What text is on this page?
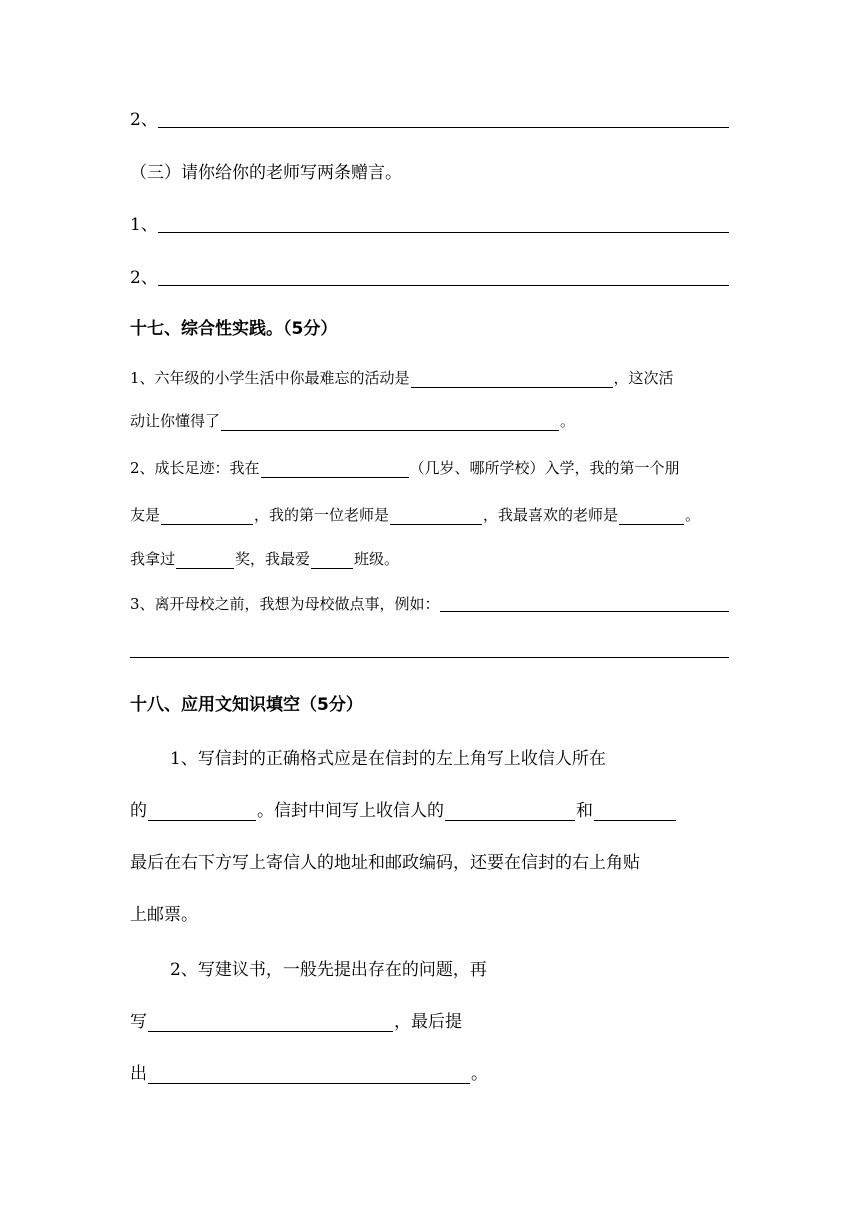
2、
（三）请你给你的老师写两条赠言。
1、
2、
十七、综合性实践。（5分）
1、六年级的小学生活中你最难忘的活动是	，这次活
动让你懂得了	。
2、成长足迹：我在	（几岁、哪所学校）入学，我的第一个朋
友是	，我的第一位老师是	，我最喜欢的老师是	。
我拿过	奖，我最爱	班级。
3、离开母校之前，我想为母校做点事，例如：
十八、应用文知识填空（5分）
1、写信封的正确格式应是在信封的左上角写上收信人所在
的	。信封中间写上收信人的	和
最后在右下方写上寄信人的地址和邮政编码，还要在信封的右上角贴
上邮票。
2、写建议书，一般先提出存在的问题，再
写	，最后提
出	。
